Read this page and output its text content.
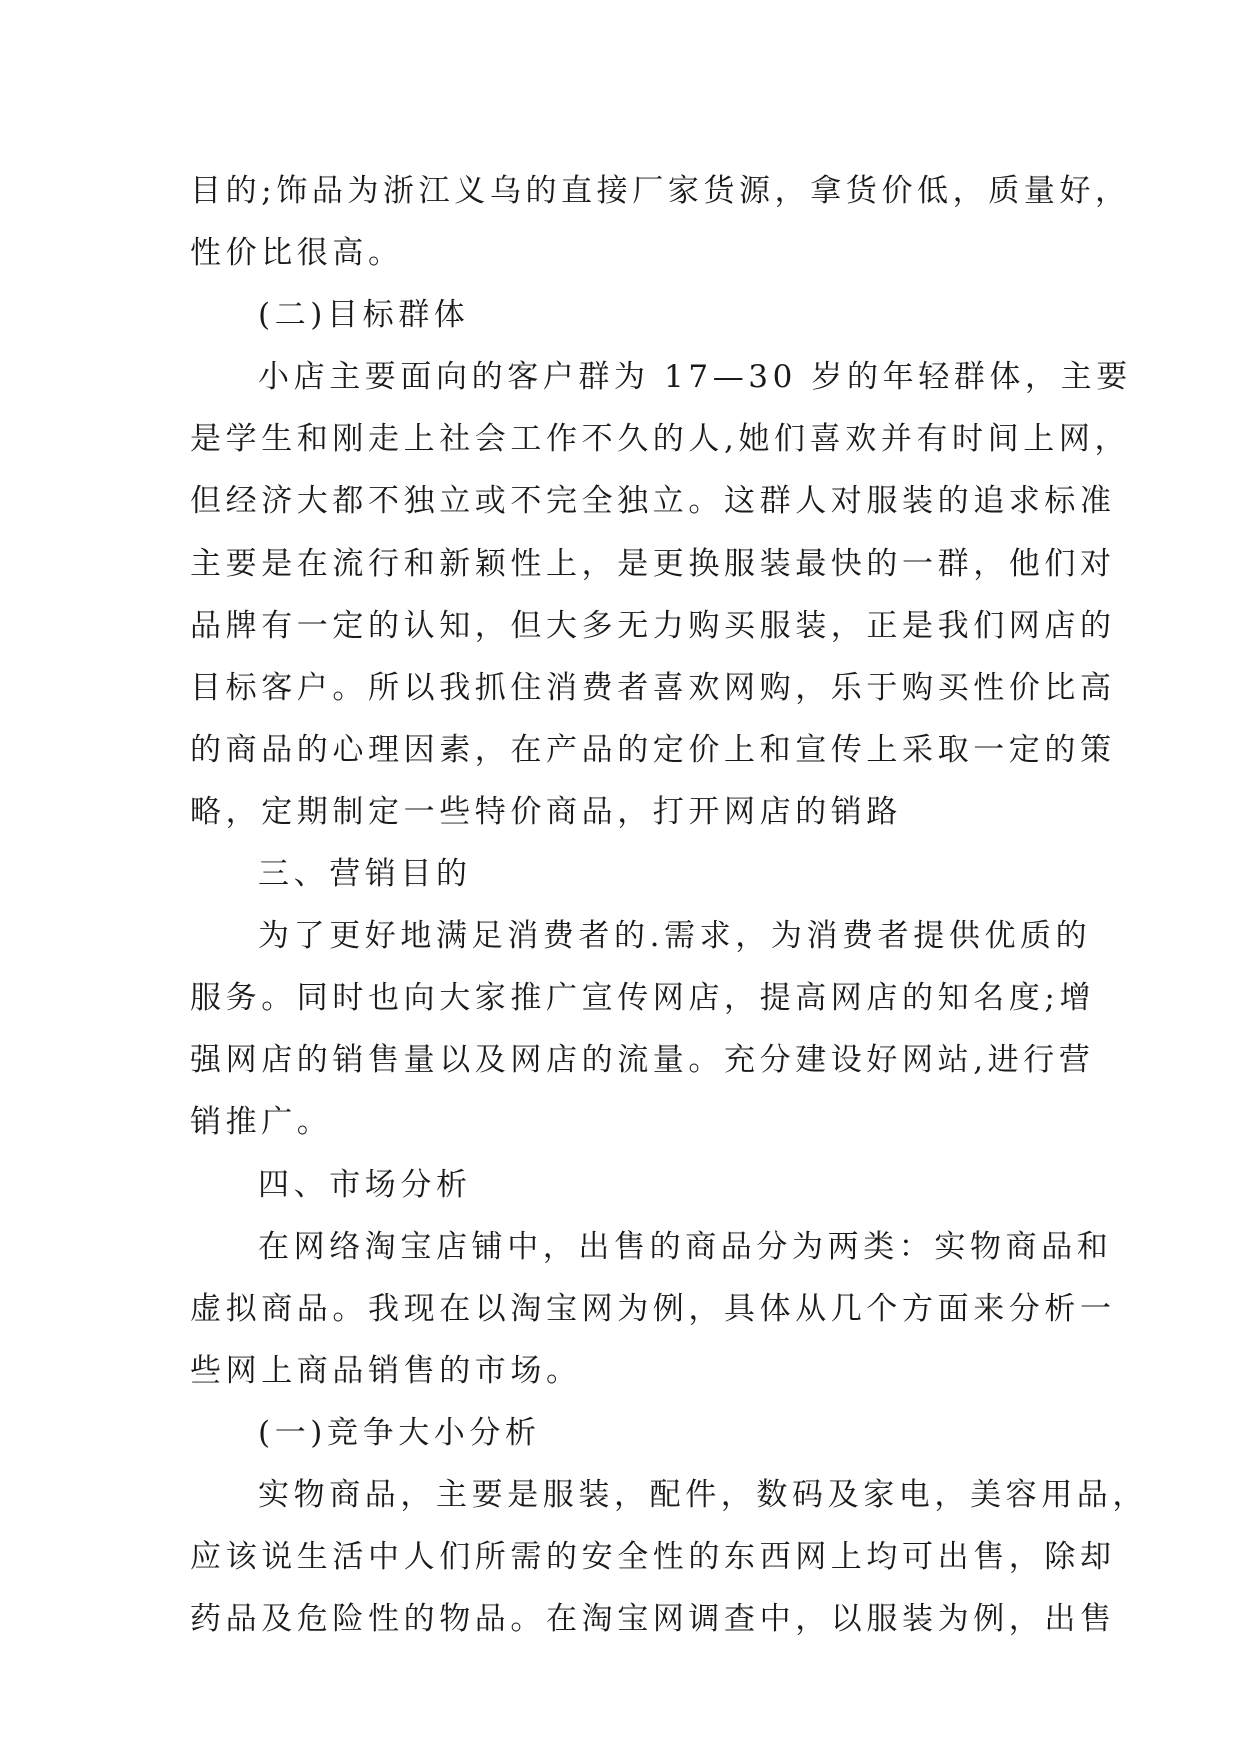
目的;饰品为浙江义乌的直接厂家货源，拿货价低，质量好，
性价比很高。
(二)目标群体
小店主要面向的客户群为 17—30 岁的年轻群体，主要
是学生和刚走上社会工作不久的人,她们喜欢并有时间上网，
但经济大都不独立或不完全独立。这群人对服装的追求标准
主要是在流行和新颖性上，是更换服装最快的一群，他们对
品牌有一定的认知，但大多无力购买服装，正是我们网店的
目标客户。所以我抓住消费者喜欢网购，乐于购买性价比高
的商品的心理因素，在产品的定价上和宣传上采取一定的策
略，定期制定一些特价商品，打开网店的销路
三、营销目的
为了更好地满足消费者的.需求，为消费者提供优质的
服务。同时也向大家推广宣传网店，提高网店的知名度;增
强网店的销售量以及网店的流量。充分建设好网站,进行营
销推广。
四、市场分析
在网络淘宝店铺中，出售的商品分为两类：实物商品和
虚拟商品。我现在以淘宝网为例，具体从几个方面来分析一
些网上商品销售的市场。
(一)竞争大小分析
实物商品，主要是服装，配件，数码及家电，美容用品，
应该说生活中人们所需的安全性的东西网上均可出售，除却
药品及危险性的物品。在淘宝网调查中，以服装为例，出售
